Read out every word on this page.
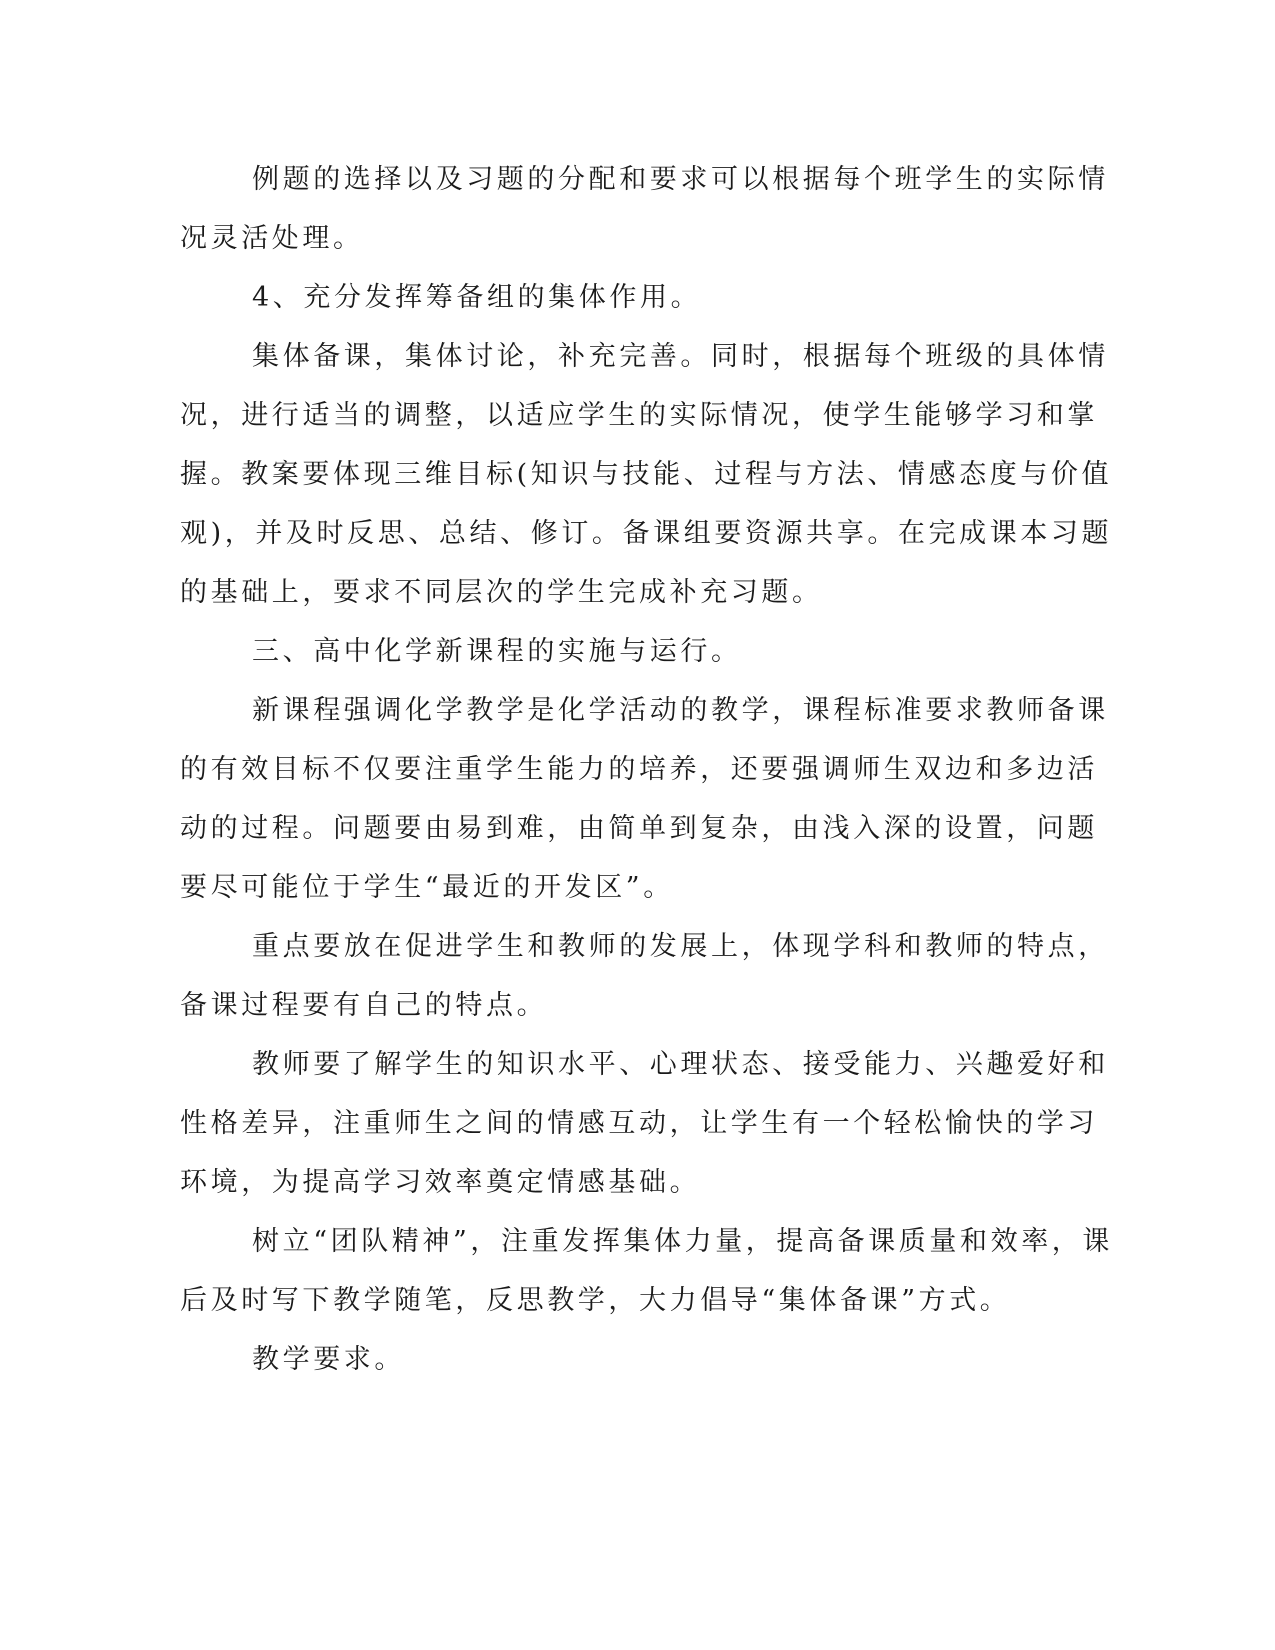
例题的选择以及习题的分配和要求可以根据每个班学生的实际情
况灵活处理。
4、充分发挥筹备组的集体作用。
集体备课，集体讨论，补充完善。同时，根据每个班级的具体情
况，进行适当的调整，以适应学生的实际情况，使学生能够学习和掌
握。教案要体现三维目标(知识与技能、过程与方法、情感态度与价值
观)，并及时反思、总结、修订。备课组要资源共享。在完成课本习题
的基础上，要求不同层次的学生完成补充习题。
三、高中化学新课程的实施与运行。
新课程强调化学教学是化学活动的教学，课程标准要求教师备课
的有效目标不仅要注重学生能力的培养，还要强调师生双边和多边活
动的过程。问题要由易到难，由简单到复杂，由浅入深的设置，问题
要尽可能位于学生“最近的开发区”。
重点要放在促进学生和教师的发展上，体现学科和教师的特点，
备课过程要有自己的特点。
教师要了解学生的知识水平、心理状态、接受能力、兴趣爱好和
性格差异，注重师生之间的情感互动，让学生有一个轻松愉快的学习
环境，为提高学习效率奠定情感基础。
树立“团队精神”，注重发挥集体力量，提高备课质量和效率，课
后及时写下教学随笔，反思教学，大力倡导“集体备课”方式。
教学要求。
